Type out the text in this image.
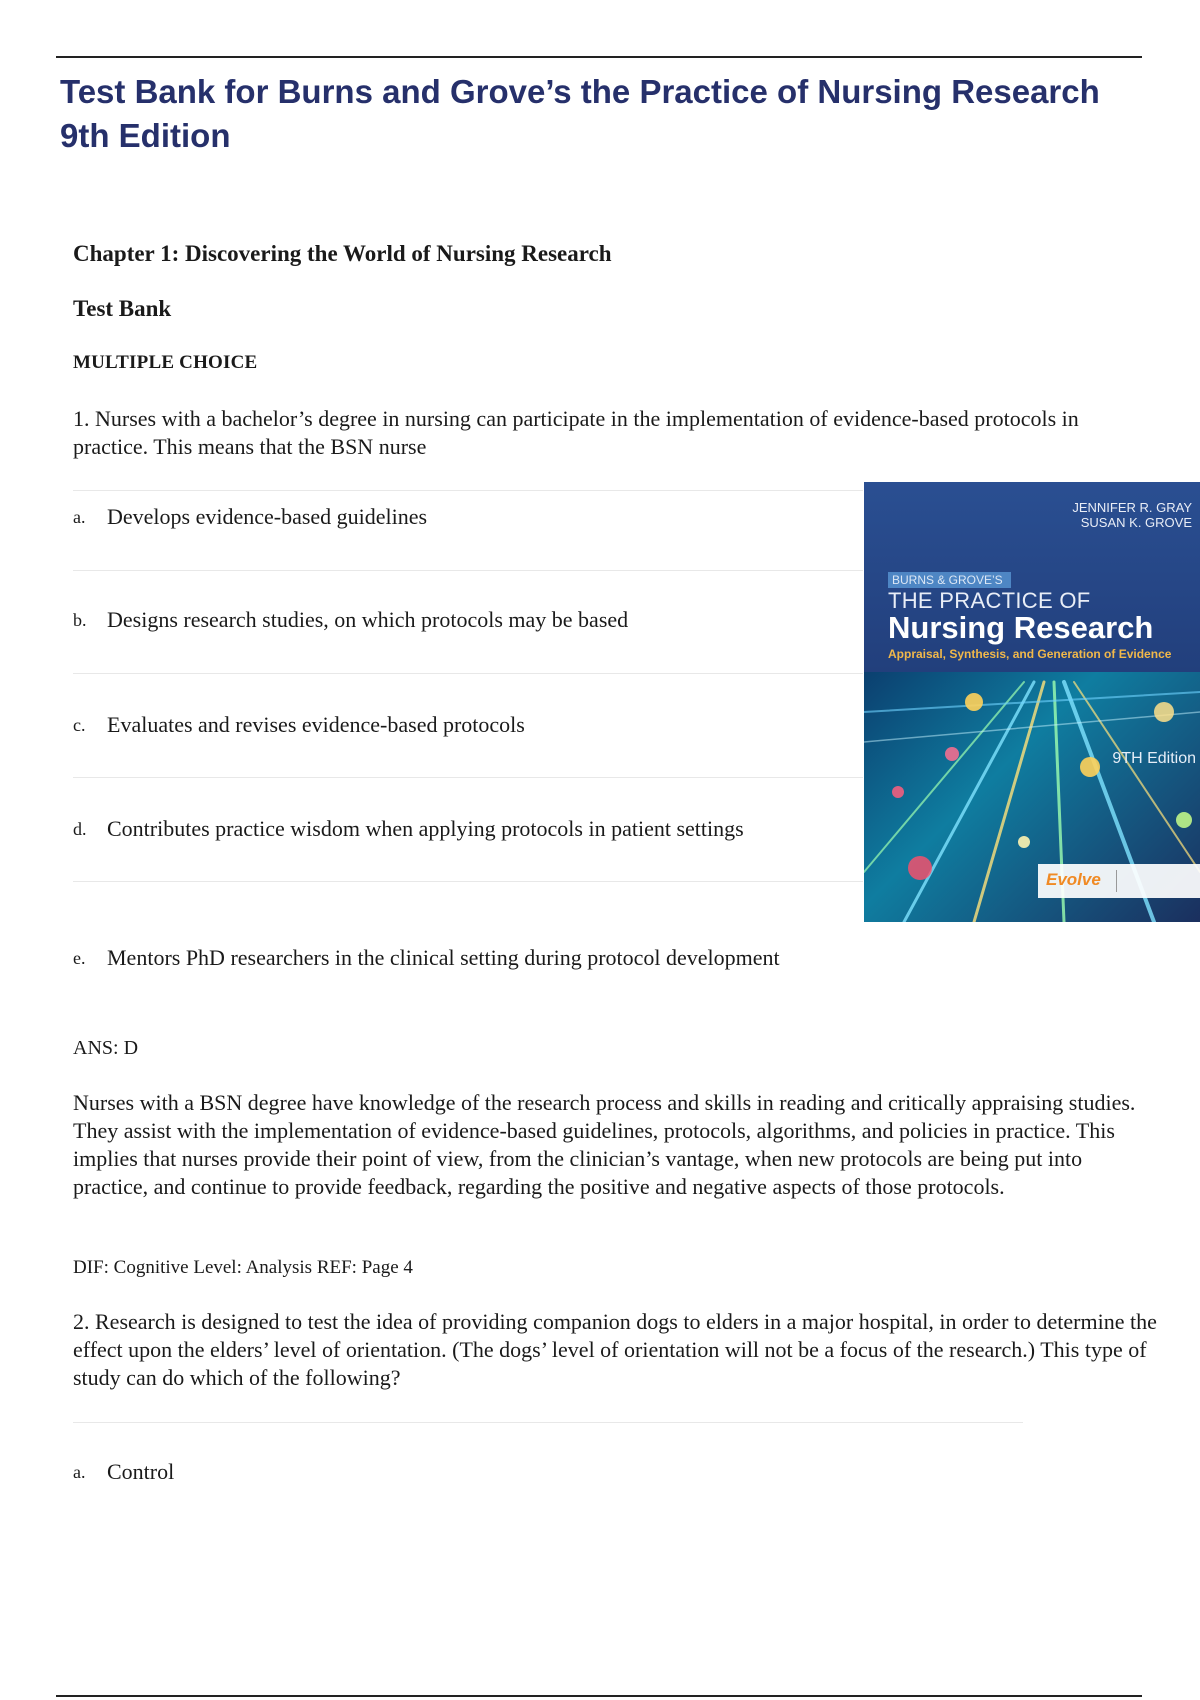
Test Bank for Burns and Grove’s the Practice of Nursing Research 9th Edition

Chapter 1: Discovering the World of Nursing Research

Test Bank

MULTIPLE CHOICE

1. Nurses with a bachelor’s degree in nursing can participate in the implementation of evidence-based protocols in practice. This means that the BSN nurse

a. Develops evidence-based guidelines
b. Designs research studies, on which protocols may be based
c. Evaluates and revises evidence-based protocols
d. Contributes practice wisdom when applying protocols in patient settings
e. Mentors PhD researchers in the clinical setting during protocol development

ANS: D

Nurses with a BSN degree have knowledge of the research process and skills in reading and critically appraising studies. They assist with the implementation of evidence-based guidelines, protocols, algorithms, and policies in practice. This implies that nurses provide their point of view, from the clinician’s vantage, when new protocols are being put into practice, and continue to provide feedback, regarding the positive and negative aspects of those protocols.

DIF: Cognitive Level: Analysis REF: Page 4

2. Research is designed to test the idea of providing companion dogs to elders in a major hospital, in order to determine the effect upon the elders’ level of orientation. (The dogs’ level of orientation will not be a focus of the research.) This type of study can do which of the following?

a. Control
JENNIFER R. GRAY
SUSAN K. GROVE
BURNS & GROVE’S
THE PRACTICE OF
Nursing Research
Appraisal, Synthesis, and Generation of Evidence
9TH Edition
Evolve
